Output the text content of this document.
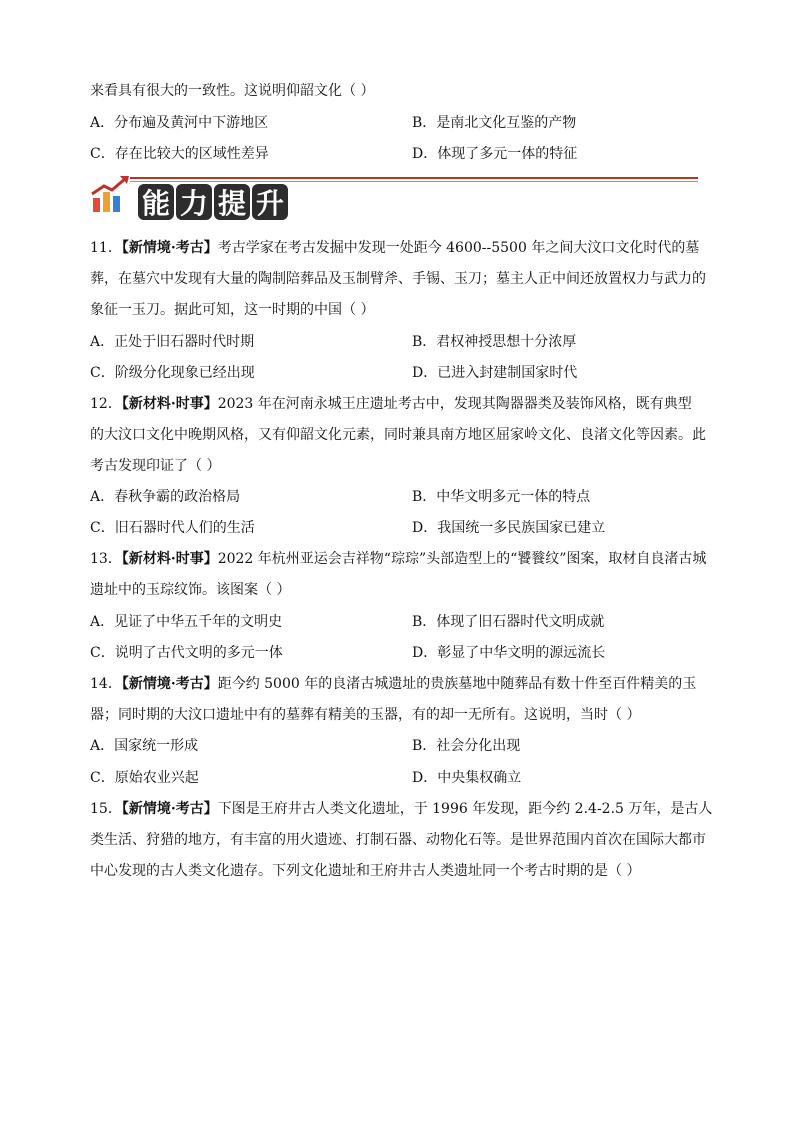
来看具有很大的一致性。这说明仰韶文化（ ）
A．分布遍及黄河中下游地区	B．是南北文化互鉴的产物
C．存在比较大的区域性差异	D．体现了多元一体的特征
能 力 提 升
11．【新情境·考古】考古学家在考古发掘中发现一处距今 4600--5500 年之间大汶口文化时代的墓
葬，在墓穴中发现有大量的陶制陪葬品及玉制臂斧、手锡、玉刀；墓主人正中间还放置权力与武力的
象征一玉刀。据此可知，这一时期的中国（ ）
A．正处于旧石器时代时期	B．君权神授思想十分浓厚
C．阶级分化现象已经出现	D．已进入封建制国家时代
12．【新材料·时事】2023 年在河南永城王庄遗址考古中，发现其陶器器类及装饰风格，既有典型
的大汶口文化中晚期风格，又有仰韶文化元素，同时兼具南方地区屈家岭文化、良渚文化等因素。此
考古发现印证了（ ）
A．春秋争霸的政治格局	B．中华文明多元一体的特点
C．旧石器时代人们的生活	D．我国统一多民族国家已建立
13．【新材料·时事】2022 年杭州亚运会吉祥物“琮琮”头部造型上的“饕餮纹”图案，取材自良渚古城
遗址中的玉琮纹饰。该图案（ ）
A．见证了中华五千年的文明史	B．体现了旧石器时代文明成就
C．说明了古代文明的多元一体	D．彰显了中华文明的源远流长
14．【新情境·考古】距今约 5000 年的良渚古城遗址的贵族墓地中随葬品有数十件至百件精美的玉
器；同时期的大汶口遗址中有的墓葬有精美的玉器，有的却一无所有。这说明，当时（ ）
A．国家统一形成	B．社会分化出现
C．原始农业兴起	D．中央集权确立
15．【新情境·考古】下图是王府井古人类文化遗址，于 1996 年发现，距今约 2.4-2.5 万年，是古人
类生活、狩猎的地方，有丰富的用火遗迹、打制石器、动物化石等。是世界范围内首次在国际大都市
中心发现的古人类文化遗存。下列文化遗址和王府井古人类遗址同一个考古时期的是（ ）
